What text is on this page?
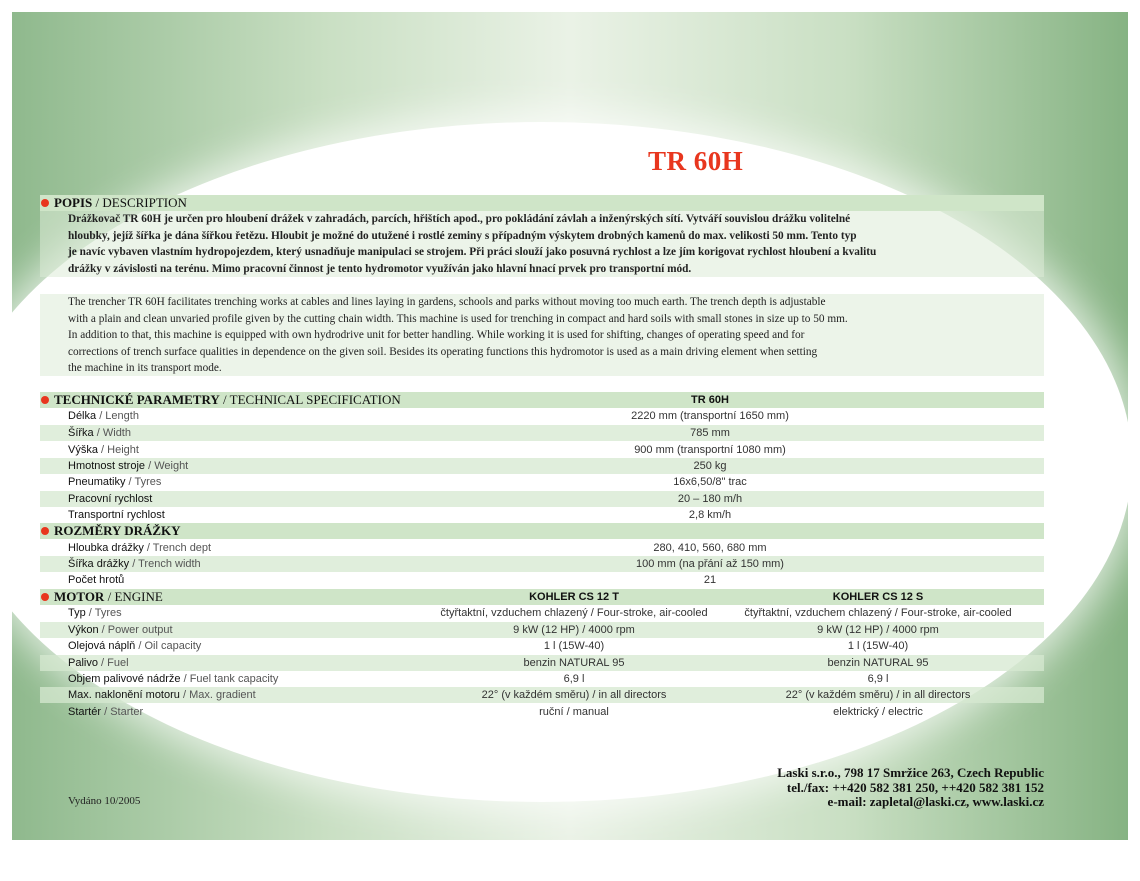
TR 60H
POPIS / DESCRIPTION
Drážkovač TR 60H je určen pro hloubení drážek v zahradách, parcích, hřištích apod., pro pokládání závlah a inženýrských sítí. Vytváří souvislou drážku volitelné
hloubky, jejíž šířka je dána šířkou řetězu. Hloubit je možné do utužené i rostlé zeminy s případným výskytem drobných kamenů do max. velikosti 50 mm. Tento typ
je navíc vybaven vlastním hydropojezdem, který usnadňuje manipulaci se strojem. Při práci slouží jako posuvná rychlost a lze jím korigovat rychlost hloubení a kvalitu
drážky v závislosti na terénu. Mimo pracovní činnost je tento hydromotor využíván jako hlavní hnací prvek pro transportní mód.
The trencher TR 60H facilitates trenching works at cables and lines laying in gardens, schools and parks without moving too much earth. The trench depth is adjustable
with a plain and clean unvaried profile given by the cutting chain width. This machine is used for trenching in compact and hard soils with small stones in size up to 50 mm.
In addition to that, this machine is equipped with own hydrodrive unit for better handling. While working it is used for shifting, changes of operating speed and for
corrections of trench surface qualities in dependence on the given soil. Besides its operating functions this hydromotor is used as a main driving element when setting
the machine in its transport mode.
TECHNICKÉ PARAMETRY / TECHNICAL SPECIFICATION	TR 60H
Délka / Length	2220 mm (transportní 1650 mm)
Šířka / Width	785 mm
Výška / Height	900 mm (transportní 1080 mm)
Hmotnost stroje / Weight	250 kg
Pneumatiky / Tyres	16x6,50/8" trac
Pracovní rychlost	20 – 180 m/h
Transportní rychlost	2,8 km/h
ROZMĚRY DRÁŽKY
Hloubka drážky / Trench dept	280, 410, 560, 680 mm
Šířka drážky / Trench width	100 mm (na přání až 150 mm)
Počet hrotů	21
MOTOR / ENGINE	KOHLER CS 12 T	KOHLER CS 12 S
Typ / Tyres	čtyřtaktní, vzduchem chlazený / Four-stroke, air-cooled	čtyřtaktní, vzduchem chlazený / Four-stroke, air-cooled
Výkon / Power output	9 kW (12 HP) / 4000 rpm	9 kW (12 HP) / 4000 rpm
Olejová náplň / Oil capacity	1 l (15W-40)	1 l (15W-40)
Palivo / Fuel	benzin NATURAL 95	benzin NATURAL 95
Objem palivové nádrže / Fuel tank capacity	6,9 l	6,9 l
Max. naklonění motoru / Max. gradient	22° (v každém směru) / in all directors	22° (v každém směru) / in all directors
Startér / Starter	ruční / manual	elektrický / electric
Vydáno 10/2005
Laski s.r.o., 798 17 Smržice 263, Czech Republic
tel./fax: ++420 582 381 250, ++420 582 381 152
e-mail: zapletal@laski.cz, www.laski.cz
